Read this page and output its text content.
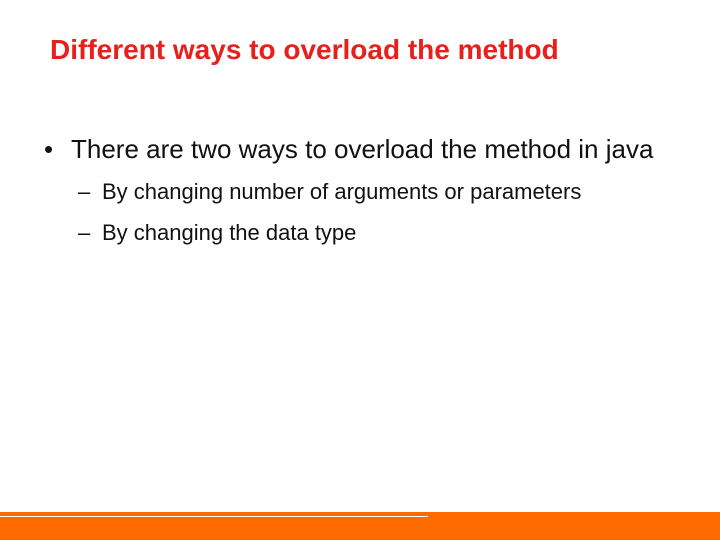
Different ways to overload the method
• There are two ways to overload the method in java
– By changing number of arguments or parameters
– By changing the data type
